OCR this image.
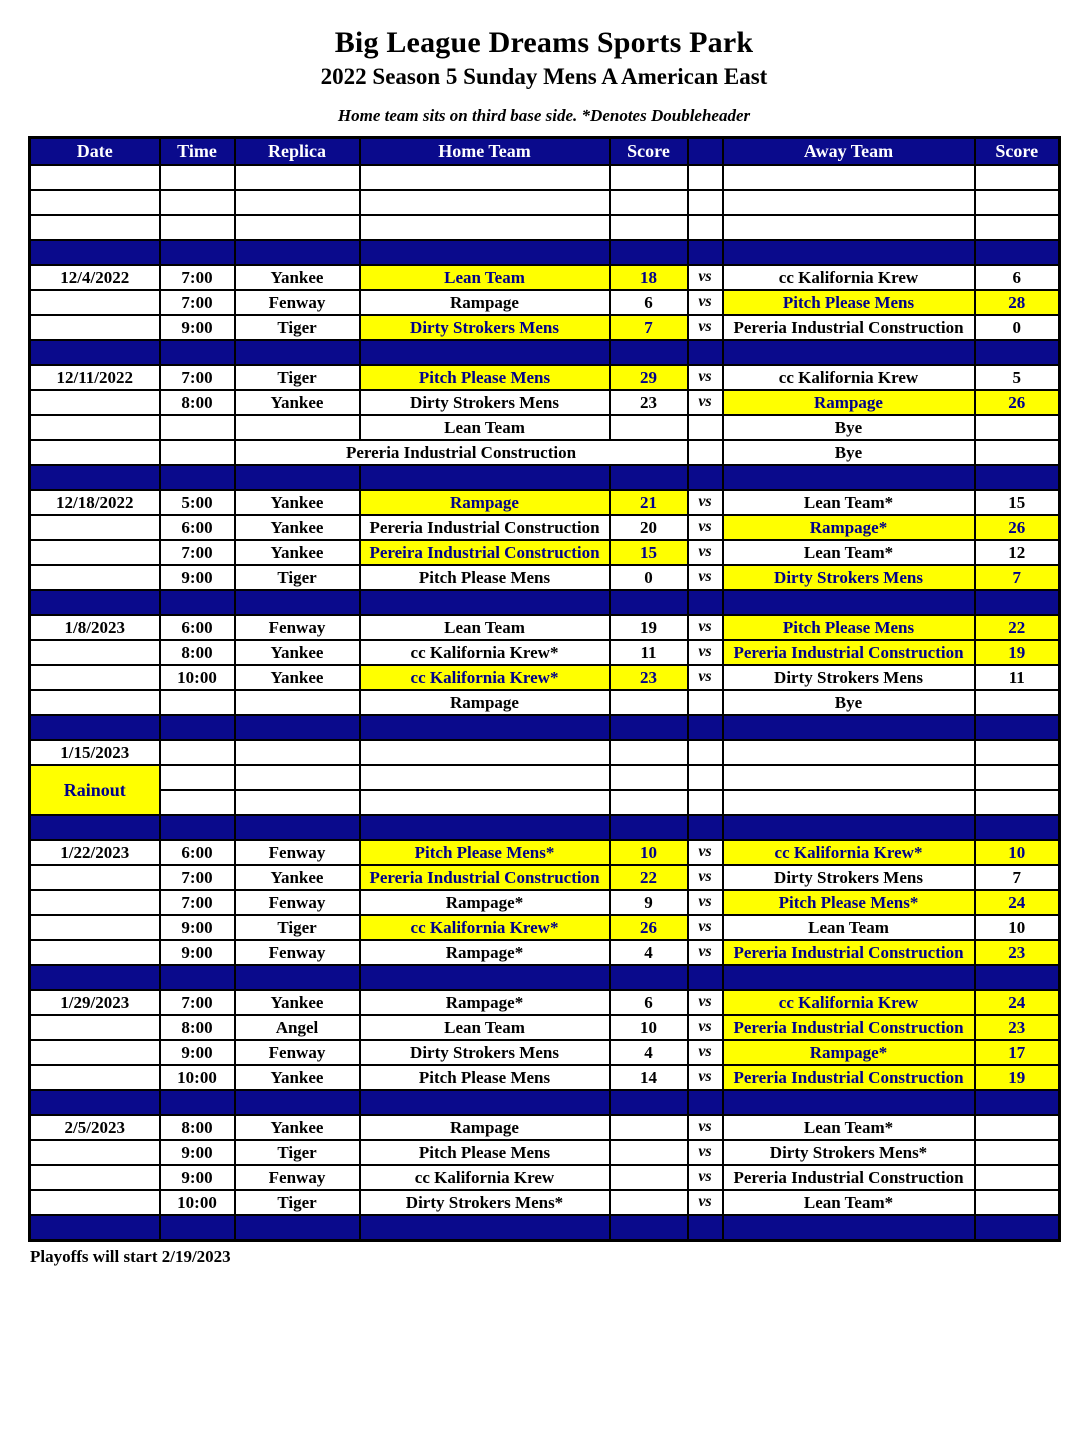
Big League Dreams Sports Park
2022 Season 5 Sunday Mens A American East
Home team sits on third base side. *Denotes Doubleheader
Date	Time	Replica	Home Team	Score		Away Team	Score

12/4/2022	7:00	Yankee	Lean Team	18	vs	cc Kalifornia Krew	6
	7:00	Fenway	Rampage	6	vs	Pitch Please Mens	28
	9:00	Tiger	Dirty Strokers Mens	7	vs	Pereria Industrial Construction	0

12/11/2022	7:00	Tiger	Pitch Please Mens	29	vs	cc Kalifornia Krew	5
	8:00	Yankee	Dirty Strokers Mens	23	vs	Rampage	26
			Lean Team			Bye	
		Pereria Industrial Construction				Bye	

12/18/2022	5:00	Yankee	Rampage	21	vs	Lean Team*	15
	6:00	Yankee	Pereria Industrial Construction	20	vs	Rampage*	26
	7:00	Yankee	Pereira Industrial Construction	15	vs	Lean Team*	12
	9:00	Tiger	Pitch Please Mens	0	vs	Dirty Strokers Mens	7

1/8/2023	6:00	Fenway	Lean Team	19	vs	Pitch Please Mens	22
	8:00	Yankee	cc Kalifornia Krew*	11	vs	Pereria Industrial Construction	19
	10:00	Yankee	cc Kalifornia Krew*	23	vs	Dirty Strokers Mens	11
			Rampage			Bye	

1/15/2023							
Rainout							

1/22/2023	6:00	Fenway	Pitch Please Mens*	10	vs	cc Kalifornia Krew*	10
	7:00	Yankee	Pereria Industrial Construction	22	vs	Dirty Strokers Mens	7
	7:00	Fenway	Rampage*	9	vs	Pitch Please Mens*	24
	9:00	Tiger	cc Kalifornia Krew*	26	vs	Lean Team	10
	9:00	Fenway	Rampage*	4	vs	Pereria Industrial Construction	23

1/29/2023	7:00	Yankee	Rampage*	6	vs	cc Kalifornia Krew	24
	8:00	Angel	Lean Team	10	vs	Pereria Industrial Construction	23
	9:00	Fenway	Dirty Strokers Mens	4	vs	Rampage*	17
	10:00	Yankee	Pitch Please Mens	14	vs	Pereria Industrial Construction	19

2/5/2023	8:00	Yankee	Rampage		vs	Lean Team*	
	9:00	Tiger	Pitch Please Mens		vs	Dirty Strokers Mens*	
	9:00	Fenway	cc Kalifornia Krew		vs	Pereria Industrial Construction	
	10:00	Tiger	Dirty Strokers Mens*		vs	Lean Team*	

Playoffs will start 2/19/2023
